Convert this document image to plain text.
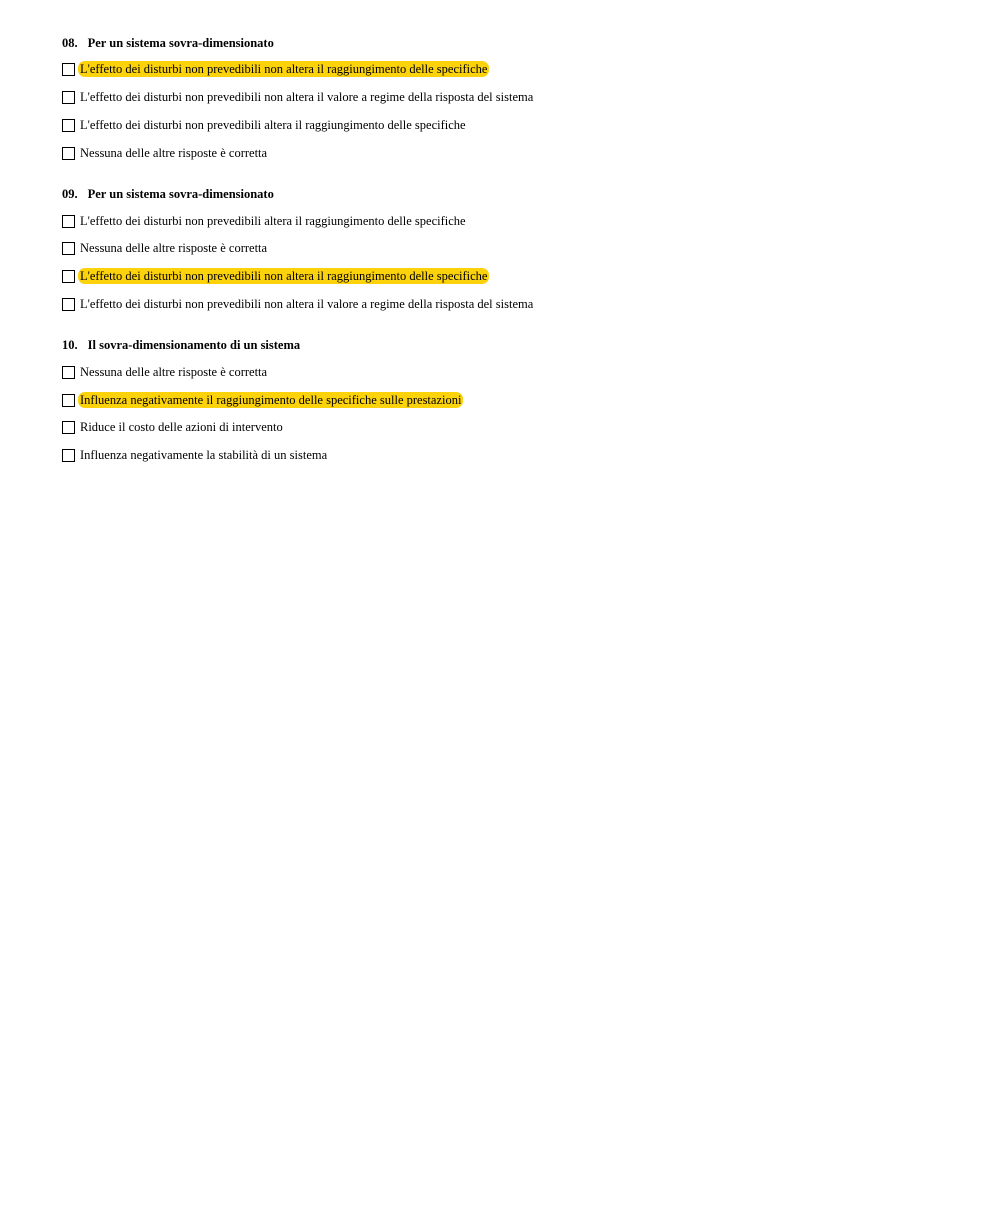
08. Per un sistema sovra-dimensionato
L'effetto dei disturbi non prevedibili non altera il raggiungimento delle specifiche
L'effetto dei disturbi non prevedibili non altera il valore a regime della risposta del sistema
L'effetto dei disturbi non prevedibili altera il raggiungimento delle specifiche
Nessuna delle altre risposte è corretta
09. Per un sistema sovra-dimensionato
L'effetto dei disturbi non prevedibili altera il raggiungimento delle specifiche
Nessuna delle altre risposte è corretta
L'effetto dei disturbi non prevedibili non altera il raggiungimento delle specifiche
L'effetto dei disturbi non prevedibili non altera il valore a regime della risposta del sistema
10. Il sovra-dimensionamento di un sistema
Nessuna delle altre risposte è corretta
Influenza negativamente il raggiungimento delle specifiche sulle prestazioni
Riduce il costo delle azioni di intervento
Influenza negativamente la stabilità di un sistema
